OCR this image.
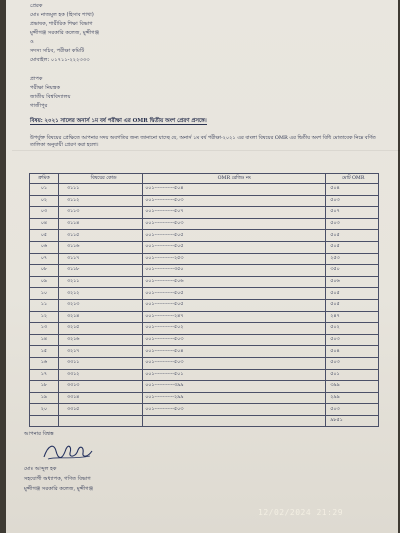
প্রেরক
মোঃ নাজমুল হক (হিসাব শাখা)
প্রভাষক, শারীরিক শিক্ষা বিভাগ
মুন্সীগঞ্জ সরকারি কলেজ, মুন্সীগঞ্জ
ও
সদস্য সচিব, পরীক্ষা কমিটি
মোবাইল: ০১৭১১-২২২৩৩৩
প্রাপক
পরীক্ষা নিয়ন্ত্রক
জাতীয় বিশ্ববিদ্যালয়
গাজীপুর
বিষয়: ২০২১ সালের অনার্স ১ম বর্ষ পরীক্ষা এর OMR দ্বিতীয় অংশ প্রেরণ প্রসঙ্গে।
উপর্যুক্ত বিষয়ের প্রেক্ষিতে আপনার সদয় অবগতির জন্য জানানো যাচ্ছে যে, অনার্স ১ম বর্ষ পরীক্ষা-২০২১ এর বাংলা বিষয়ের OMR এর দ্বিতীয় অংশ বিধি মোতাবেক নিম্নে বর্ণিত তালিকা অনুযায়ী প্রেরণ করা হলো।
ক্রমিক	বিষয়ের কোড	OMR রেজিঃ নং	মোট OMR
০১	৩১১১	০০১------------৫০৪	৫০৪
০২	৩১১২	০০১------------৫০৩	৫০৩
০৩	৩১১৩	০০১------------৫০৭	৫০৭
০৪	৩১১৪	০০১------------৫০৩	৫০৩
০৫	৩১১৫	০০১------------৫০৫	৫০৫
০৬	৩১১৬	০০১------------৫০৫	৫০৫
০৭	৩১১৭	০০১------------২৫৩	২৫৩
০৮	৩১১৮	০০১------------৩৫০	৩৫০
০৯	৩২১১	০০১------------৫০৬	৫০৬
১০	৩২১২	০০১------------৫০৫	৫০৫
১১	৩২১৩	০০১------------৫০৫	৫০৫
১২	৩২১৪	০০১------------২৪৭	২৪৭
১৩	৩২১৫	০০১------------৫০২	৫০২
১৪	৩২১৬	০০১------------৫০৩	৫০৩
১৫	৩২১৭	০০১------------৫০৪	৫০৪
১৬	৩৩১১	০০১------------৫০৩	৫০৩
১৭	৩৩১২	০০১------------৫০১	৫০১
১৮	৩৩১৩	০০১------------৩৯৯	৩৯৯
১৯	৩৩১৪	০০১------------২৯৯	২৯৯
২০	৩৩১৫	০০১------------৫০৩	৫০৩
			৯৮৫১
আপনার বিশ্বস্ত
মোঃ আব্দুল হক
সহযোগী অধ্যাপক, গণিত বিভাগ
মুন্সীগঞ্জ সরকারি কলেজ, মুন্সীগঞ্জ
12/02/2024 21:29
